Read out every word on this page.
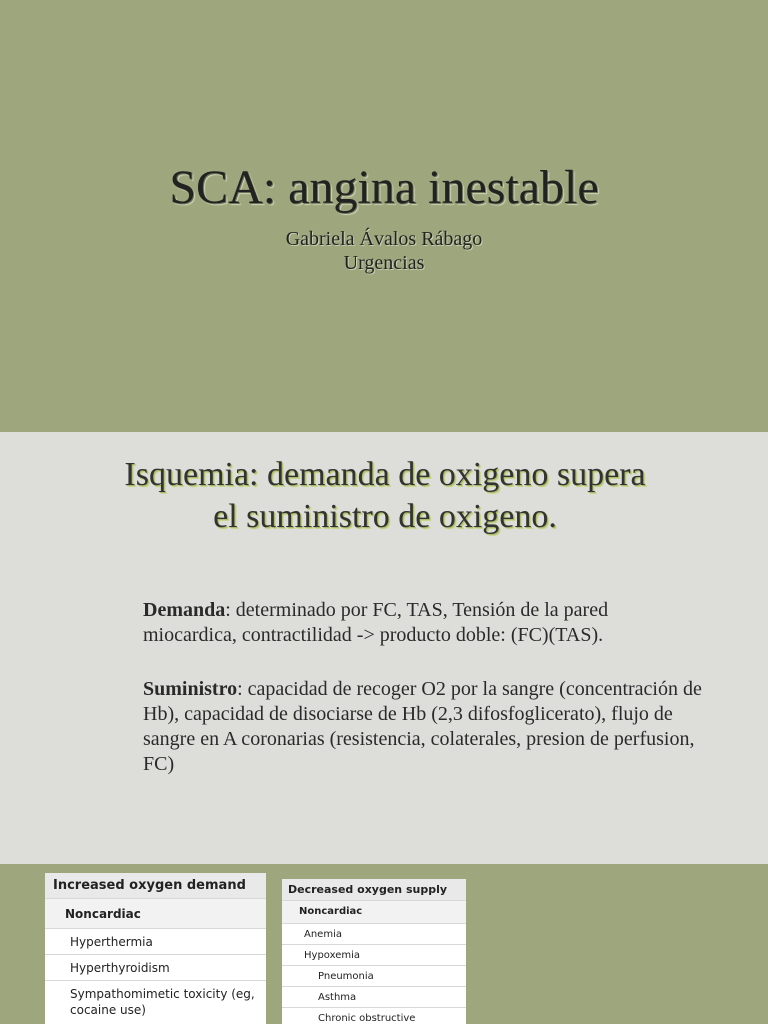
SCA: angina inestable
Gabriela Ávalos Rábago
Urgencias
Isquemia: demanda de oxigeno supera
el suministro de oxigeno.
Demanda: determinado por FC, TAS, Tensión de la pared miocardica, contractilidad -> producto doble: (FC)(TAS).
Suministro: capacidad de recoger O2 por la sangre (concentración de Hb), capacidad de disociarse de Hb (2,3 difosfoglicerato), flujo de sangre en A coronarias (resistencia, colaterales, presion de perfusion, FC)
Increased oxygen demand
Noncardiac
Hyperthermia
Hyperthyroidism
Sympathomimetic toxicity (eg, cocaine use)
Decreased oxygen supply
Noncardiac
Anemia
Hypoxemia
Pneumonia
Asthma
Chronic obstructive
